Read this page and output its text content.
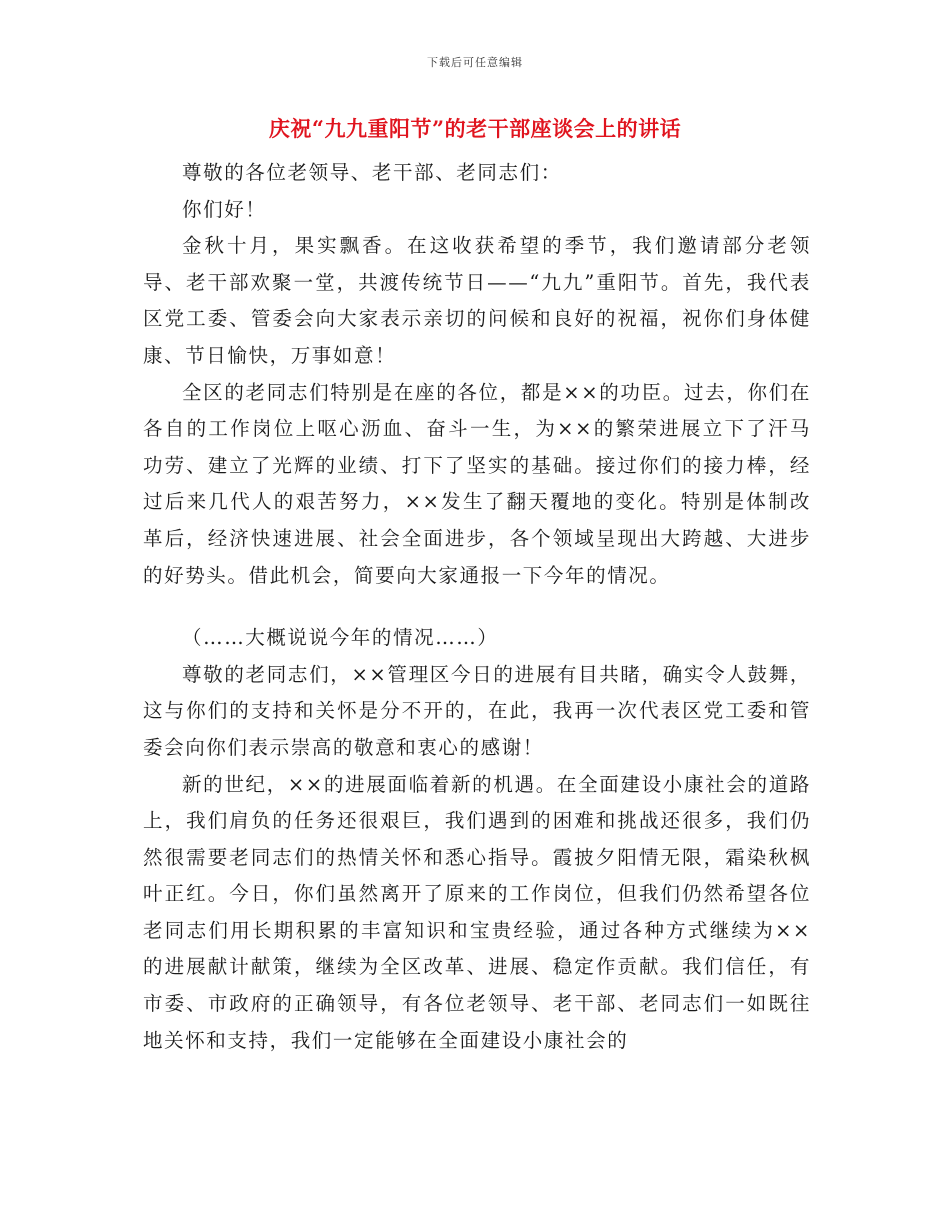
下载后可任意编辑
庆祝“九九重阳节”的老干部座谈会上的讲话

尊敬的各位老领导、老干部、老同志们：

你们好！

金秋十月，果实飘香。在这收获希望的季节，我们邀请部分老领导、老干部欢聚一堂，共渡传统节日——“九九”重阳节。首先，我代表区党工委、管委会向大家表示亲切的问候和良好的祝福，祝你们身体健康、节日愉快，万事如意！

全区的老同志们特别是在座的各位，都是××的功臣。过去，你们在各自的工作岗位上呕心沥血、奋斗一生，为××的繁荣进展立下了汗马功劳、建立了光辉的业绩、打下了坚实的基础。接过你们的接力棒，经过后来几代人的艰苦努力，××发生了翻天覆地的变化。特别是体制改革后，经济快速进展、社会全面进步，各个领域呈现出大跨越、大进步的好势头。借此机会，简要向大家通报一下今年的情况。

（……大概说说今年的情况……）

尊敬的老同志们，××管理区今日的进展有目共睹，确实令人鼓舞，这与你们的支持和关怀是分不开的，在此，我再一次代表区党工委和管委会向你们表示崇高的敬意和衷心的感谢！

新的世纪，××的进展面临着新的机遇。在全面建设小康社会的道路上，我们肩负的任务还很艰巨，我们遇到的困难和挑战还很多，我们仍然很需要老同志们的热情关怀和悉心指导。霞披夕阳情无限，霜染秋枫叶正红。今日，你们虽然离开了原来的工作岗位，但我们仍然希望各位老同志们用长期积累的丰富知识和宝贵经验，通过各种方式继续为××的进展献计献策，继续为全区改革、进展、稳定作贡献。我们信任，有市委、市政府的正确领导，有各位老领导、老干部、老同志们一如既往地关怀和支持，我们一定能够在全面建设小康社会的
